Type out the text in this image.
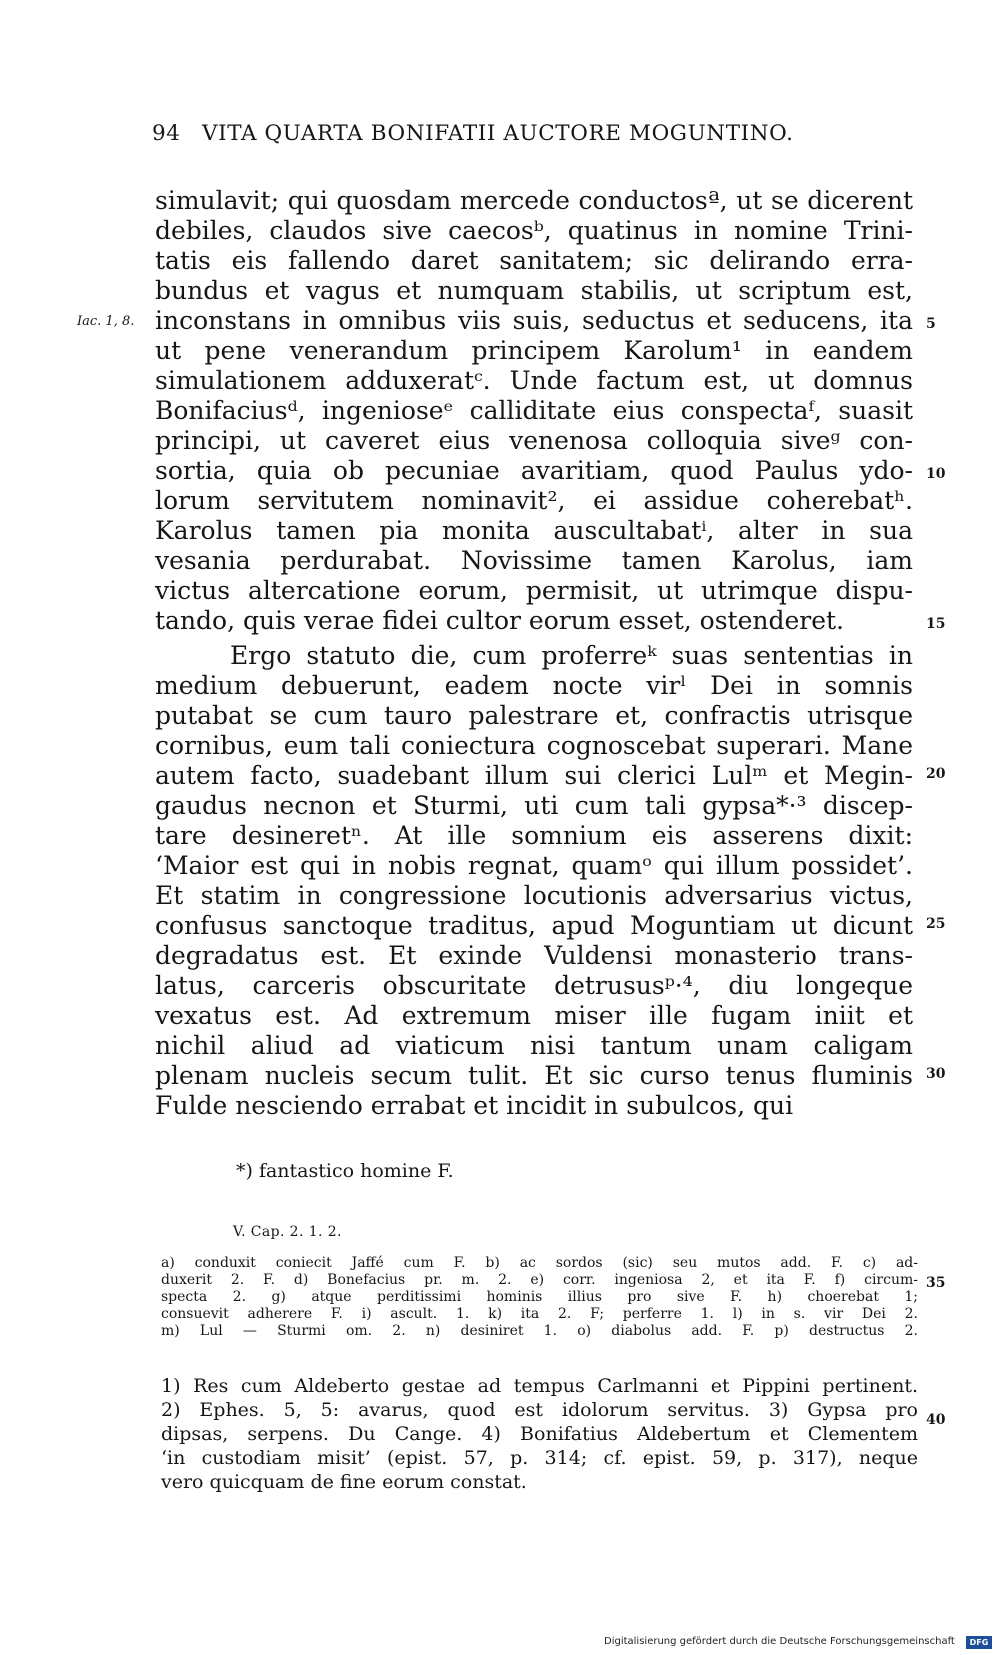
94 VITA QUARTA BONIFATII AUCTORE MOGUNTINO.
Iac. 1, 8.
simulavit; qui quosdam mercede conductosª, ut se dicerent
debiles, claudos sive caecosᵇ, quatinus in nomine Trini-
tatis eis fallendo daret sanitatem; sic delirando erra-
bundus et vagus et numquam stabilis, ut scriptum est,
inconstans in omnibus viis suis, seductus et seducens, ita
ut pene venerandum principem Karolum¹ in eandem
simulationem adduxeratᶜ. Unde factum est, ut domnus
Bonifaciusᵈ, ingenioseᵉ calliditate eius conspectaᶠ, suasit
principi, ut caveret eius venenosa colloquia siveᵍ con-
sortia, quia ob pecuniae avaritiam, quod Paulus ydo-
lorum servitutem nominavit², ei assidue coherebatʰ.
Karolus tamen pia monita auscultabatⁱ, alter in sua
vesania perdurabat. Novissime tamen Karolus, iam
victus altercatione eorum, permisit, ut utrimque dispu-
tando, quis verae fidei cultor eorum esset, ostenderet.
Ergo statuto die, cum proferreᵏ suas sententias in
medium debuerunt, eadem nocte virˡ Dei in somnis
putabat se cum tauro palestrare et, confractis utrisque
cornibus, eum tali coniectura cognoscebat superari. Mane
autem facto, suadebant illum sui clerici Lulᵐ et Megin-
gaudus necnon et Sturmi, uti cum tali gypsa*·³ discep-
tare desineretⁿ. At ille somnium eis asserens dixit:
‘Maior est qui in nobis regnat, quamᵒ qui illum possidet’.
Et statim in congressione locutionis adversarius victus,
confusus sanctoque traditus, apud Moguntiam ut dicunt
degradatus est. Et exinde Vuldensi monasterio trans-
latus, carceris obscuritate detrususᵖ·⁴, diu longeque
vexatus est. Ad extremum miser ille fugam iniit et
nichil aliud ad viaticum nisi tantum unam caligam
plenam nucleis secum tulit. Et sic curso tenus fluminis
Fulde nesciendo errabat et incidit in subulcos, qui
5
10
15
20
25
30
35
40
*) fantastico homine F.
V. Cap. 2. 1. 2.
a) conduxit coniecit Jaffé cum F. b) ac sordos (sic) seu mutos add. F. c) ad-
duxerit 2. F. d) Bonefacius pr. m. 2. e) corr. ingeniosa 2, et ita F. f) circum-
specta 2. g) atque perditissimi hominis illius pro sive F. h) choerebat 1;
consuevit adherere F. i) ascult. 1. k) ita 2. F; perferre 1. l) in s. vir Dei 2.
m) Lul — Sturmi om. 2. n) desiniret 1. o) diabolus add. F. p) destructus 2.
1) Res cum Aldeberto gestae ad tempus Carlmanni et Pippini pertinent.
2) Ephes. 5, 5: avarus, quod est idolorum servitus. 3) Gypsa pro
dipsas, serpens. Du Cange. 4) Bonifatius Aldebertum et Clementem
‘in custodiam misit’ (epist. 57, p. 314; cf. epist. 59, p. 317), neque
vero quicquam de fine eorum constat.
Digitalisierung gefördert durch die Deutsche Forschungsgemeinschaft	DFG
